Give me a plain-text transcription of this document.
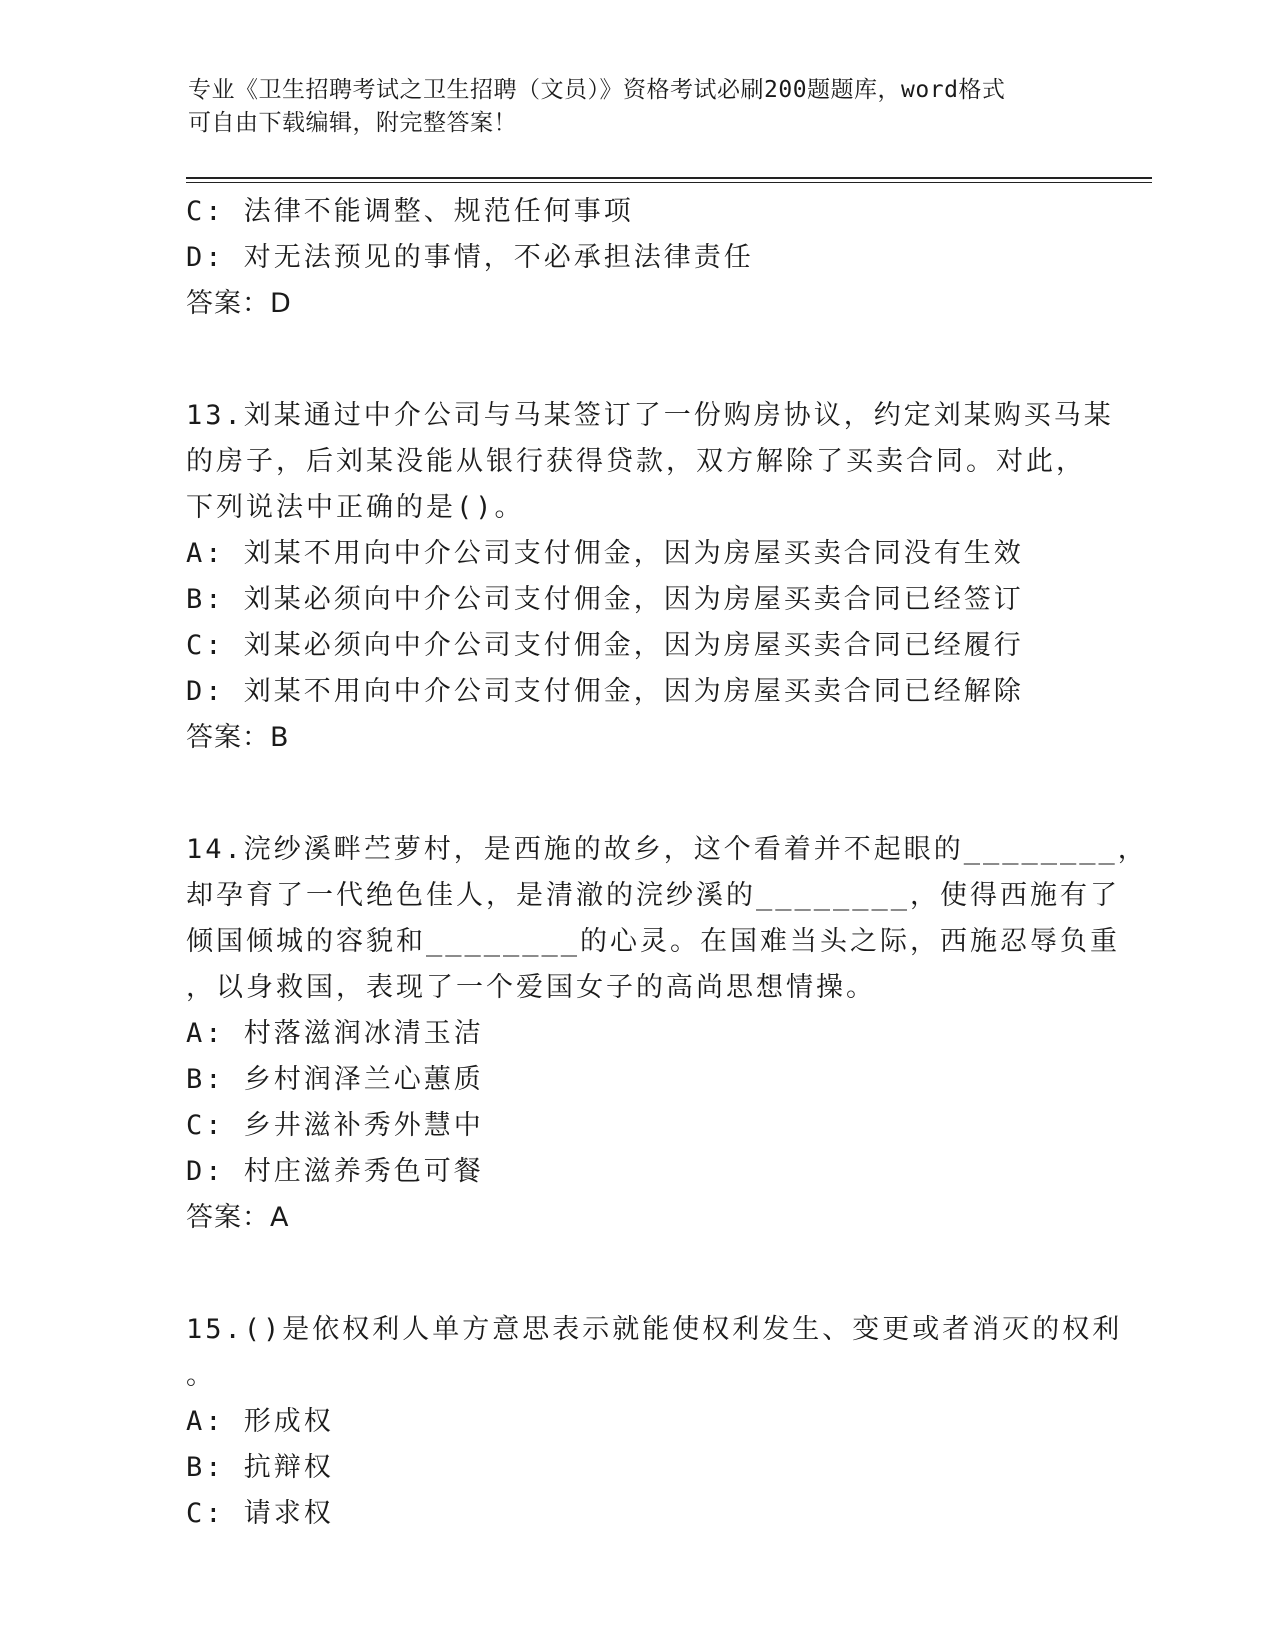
专业《卫生招聘考试之卫生招聘（文员）》资格考试必刷200题题库，word格式
可自由下载编辑，附完整答案！
C: 法律不能调整、规范任何事项
D: 对无法预见的事情，不必承担法律责任
答案：D
13.刘某通过中介公司与马某签订了一份购房协议，约定刘某购买马某
的房子，后刘某没能从银行获得贷款，双方解除了买卖合同。对此，
下列说法中正确的是()。
A: 刘某不用向中介公司支付佣金，因为房屋买卖合同没有生效
B: 刘某必须向中介公司支付佣金，因为房屋买卖合同已经签订
C: 刘某必须向中介公司支付佣金，因为房屋买卖合同已经履行
D: 刘某不用向中介公司支付佣金，因为房屋买卖合同已经解除
答案：B
14.浣纱溪畔苎萝村，是西施的故乡，这个看着并不起眼的________，
却孕育了一代绝色佳人，是清澈的浣纱溪的________，使得西施有了
倾国倾城的容貌和________的心灵。在国难当头之际，西施忍辱负重
，以身救国，表现了一个爱国女子的高尚思想情操。
A: 村落滋润冰清玉洁
B: 乡村润泽兰心蕙质
C: 乡井滋补秀外慧中
D: 村庄滋养秀色可餐
答案：A
15.()是依权利人单方意思表示就能使权利发生、变更或者消灭的权利
。
A: 形成权
B: 抗辩权
C: 请求权
